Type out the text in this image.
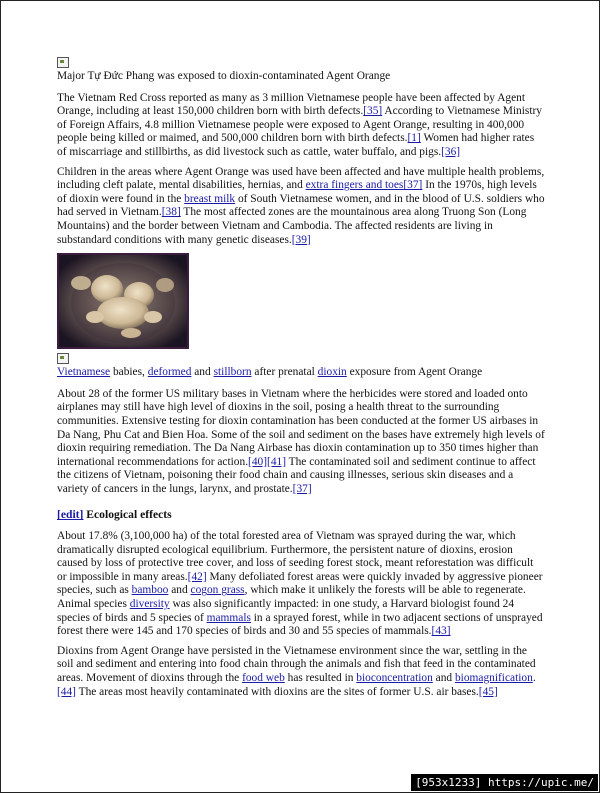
Major Tự Đức Phang was exposed to dioxin-contaminated Agent Orange

The Vietnam Red Cross reported as many as 3 million Vietnamese people have been affected by Agent Orange, including at least 150,000 children born with birth defects.[35] According to Vietnamese Ministry of Foreign Affairs, 4.8 million Vietnamese people were exposed to Agent Orange, resulting in 400,000 people being killed or maimed, and 500,000 children born with birth defects.[1] Women had higher rates of miscarriage and stillbirths, as did livestock such as cattle, water buffalo, and pigs.[36]

Children in the areas where Agent Orange was used have been affected and have multiple health problems, including cleft palate, mental disabilities, hernias, and extra fingers and toes[37] In the 1970s, high levels of dioxin were found in the breast milk of South Vietnamese women, and in the blood of U.S. soldiers who had served in Vietnam.[38] The most affected zones are the mountainous area along Truong Son (Long Mountains) and the border between Vietnam and Cambodia. The affected residents are living in substandard conditions with many genetic diseases.[39]

Vietnamese babies, deformed and stillborn after prenatal dioxin exposure from Agent Orange

About 28 of the former US military bases in Vietnam where the herbicides were stored and loaded onto airplanes may still have high level of dioxins in the soil, posing a health threat to the surrounding communities. Extensive testing for dioxin contamination has been conducted at the former US airbases in Da Nang, Phu Cat and Bien Hoa. Some of the soil and sediment on the bases have extremely high levels of dioxin requiring remediation. The Da Nang Airbase has dioxin contamination up to 350 times higher than international recommendations for action.[40][41] The contaminated soil and sediment continue to affect the citizens of Vietnam, poisoning their food chain and causing illnesses, serious skin diseases and a variety of cancers in the lungs, larynx, and prostate.[37]

[edit] Ecological effects

About 17.8% (3,100,000 ha) of the total forested area of Vietnam was sprayed during the war, which dramatically disrupted ecological equilibrium. Furthermore, the persistent nature of dioxins, erosion caused by loss of protective tree cover, and loss of seeding forest stock, meant reforestation was difficult or impossible in many areas.[42] Many defoliated forest areas were quickly invaded by aggressive pioneer species, such as bamboo and cogon grass, which make it unlikely the forests will be able to regenerate. Animal species diversity was also significantly impacted: in one study, a Harvard biologist found 24 species of birds and 5 species of mammals in a sprayed forest, while in two adjacent sections of unsprayed forest there were 145 and 170 species of birds and 30 and 55 species of mammals.[43]

Dioxins from Agent Orange have persisted in the Vietnamese environment since the war, settling in the soil and sediment and entering into food chain through the animals and fish that feed in the contaminated areas. Movement of dioxins through the food web has resulted in bioconcentration and biomagnification.[44] The areas most heavily contaminated with dioxins are the sites of former U.S. air bases.[45]

[953x1233] https://upic.me/
